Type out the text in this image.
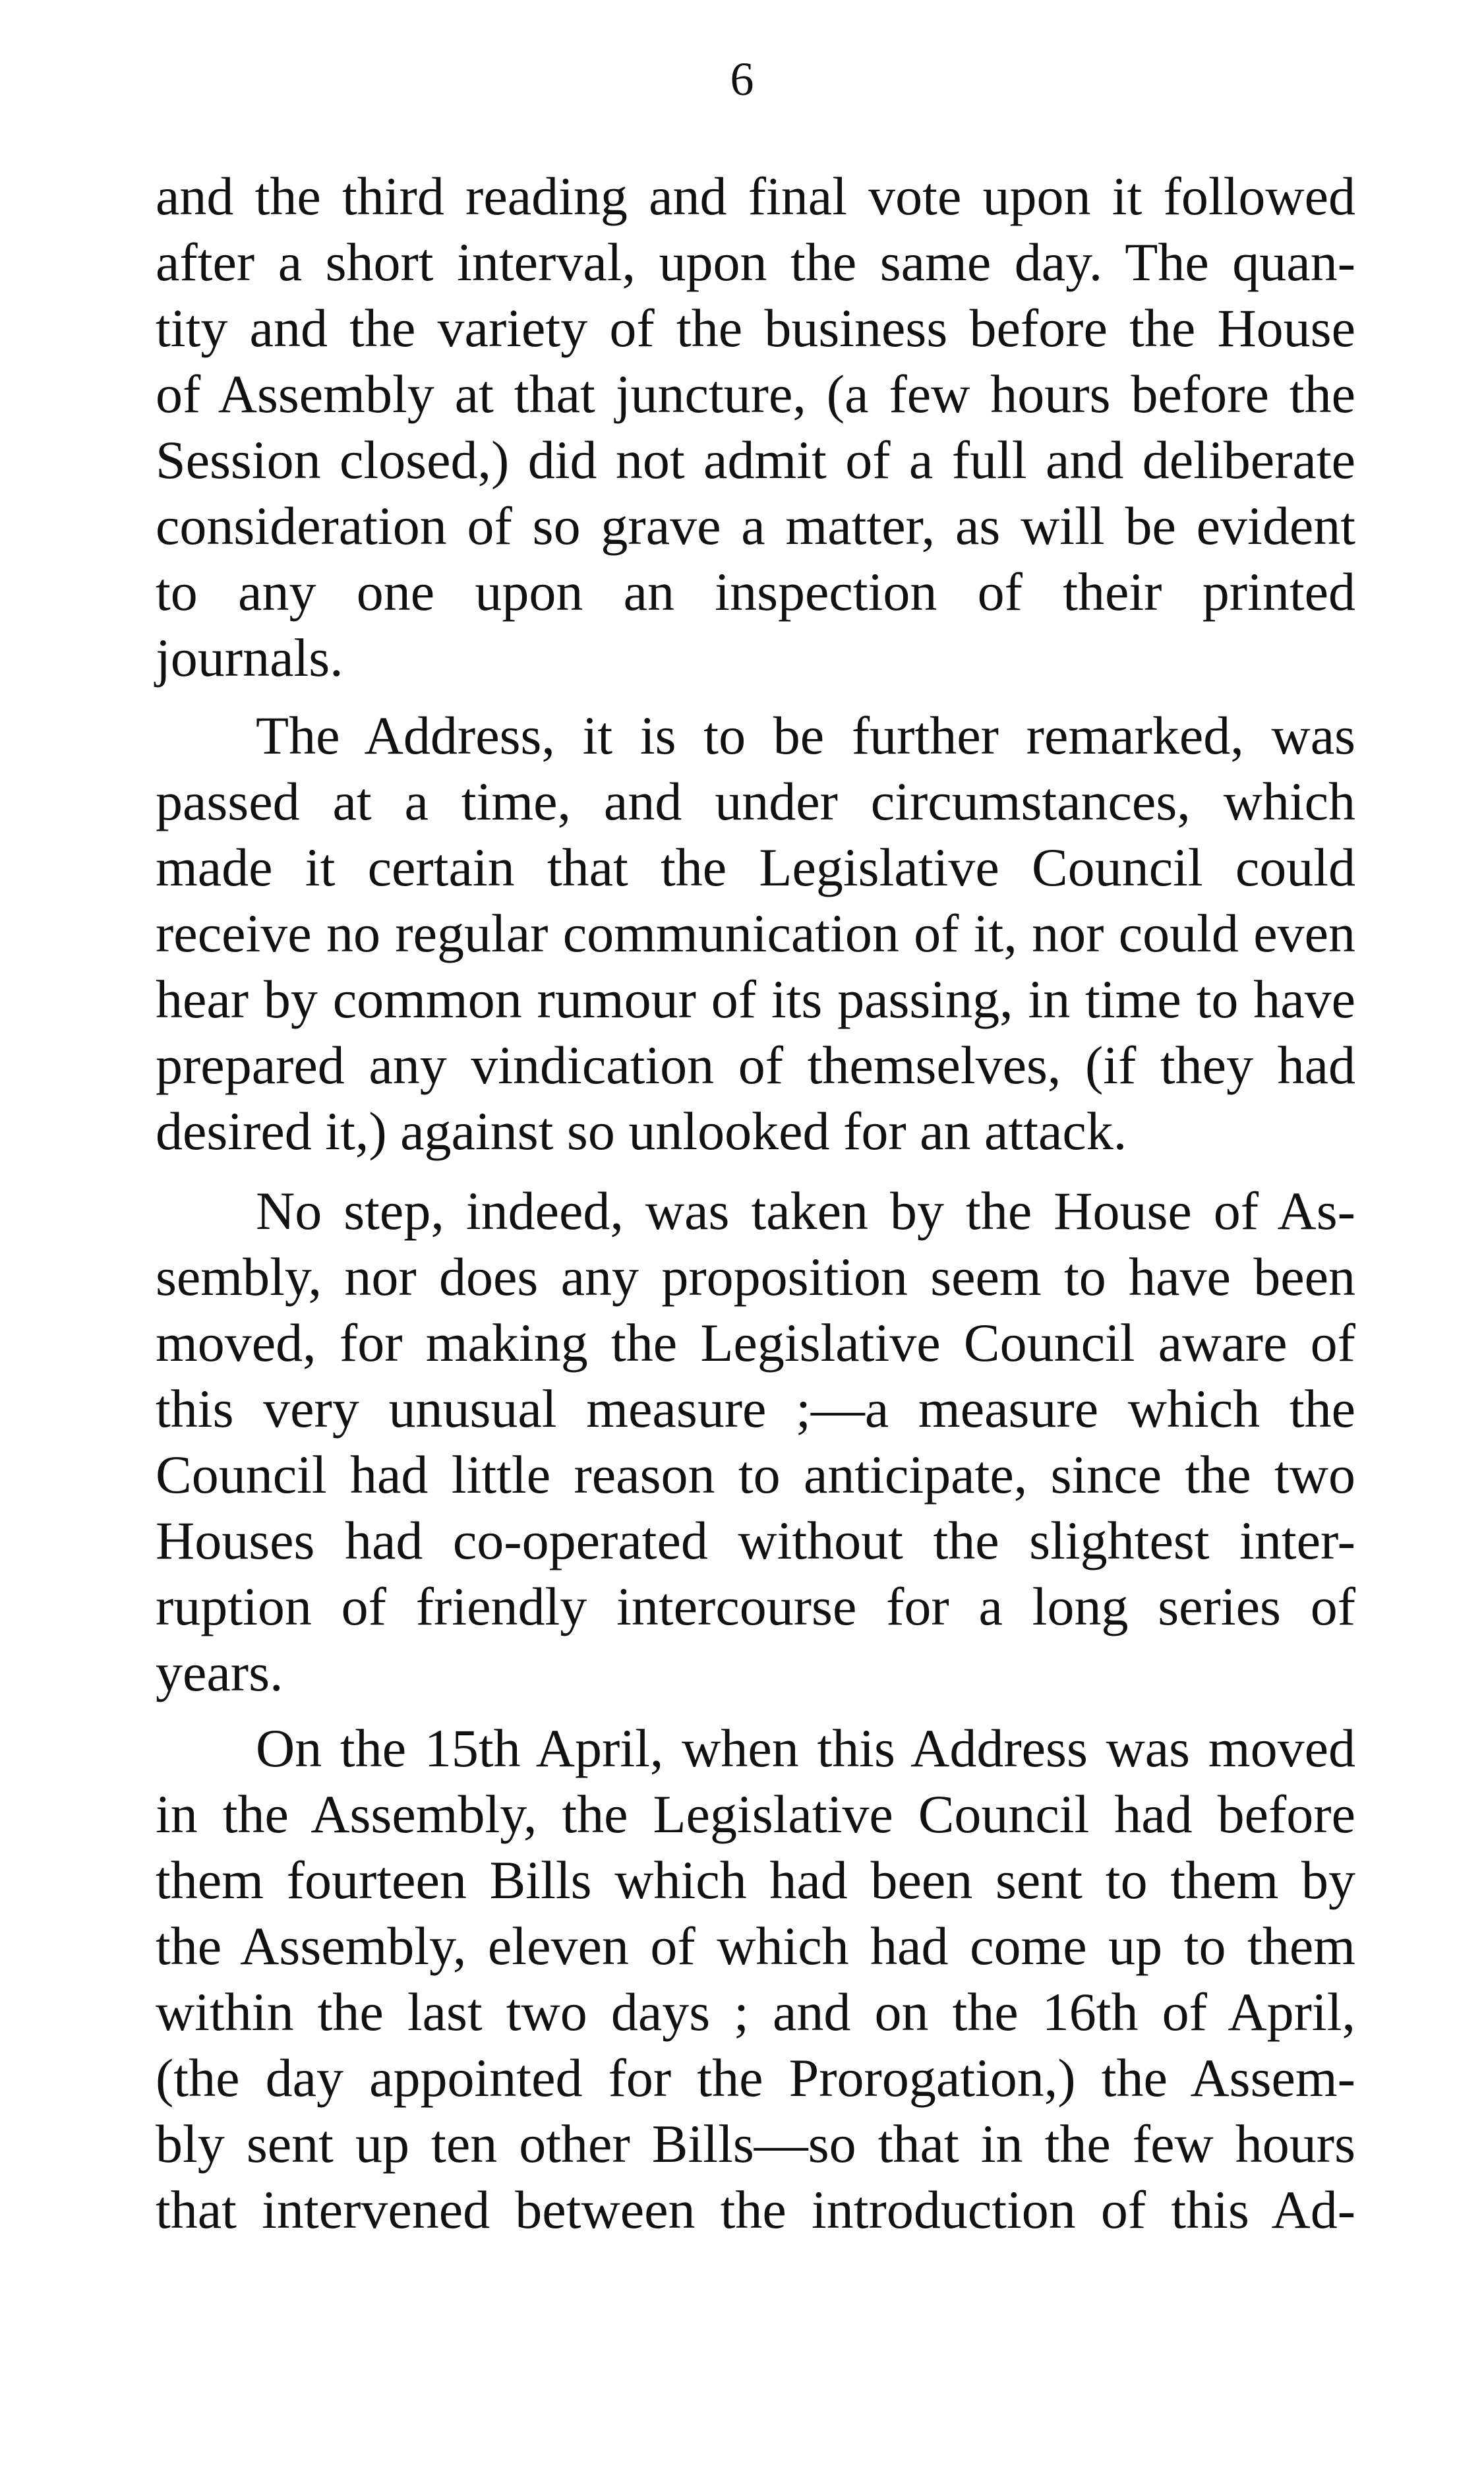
6
and the third reading and final vote upon it followed
after a short interval, upon the same day. The quan-
tity and the variety of the business before the House
of Assembly at that juncture, (a few hours before the
Session closed,) did not admit of a full and deliberate
consideration of so grave a matter, as will be evident
to any one upon an inspection of their printed
journals.
The Address, it is to be further remarked, was
passed at a time, and under circumstances, which
made it certain that the Legislative Council could
receive no regular communication of it, nor could even
hear by common rumour of its passing, in time to have
prepared any vindication of themselves, (if they had
desired it,) against so unlooked for an attack.
No step, indeed, was taken by the House of As-
sembly, nor does any proposition seem to have been
moved, for making the Legislative Council aware of
this very unusual measure ;—a measure which the
Council had little reason to anticipate, since the two
Houses had co-operated without the slightest inter-
ruption of friendly intercourse for a long series of
years.
On the 15th April, when this Address was moved
in the Assembly, the Legislative Council had before
them fourteen Bills which had been sent to them by
the Assembly, eleven of which had come up to them
within the last two days ; and on the 16th of April,
(the day appointed for the Prorogation,) the Assem-
bly sent up ten other Bills—so that in the few hours
that intervened between the introduction of this Ad-
